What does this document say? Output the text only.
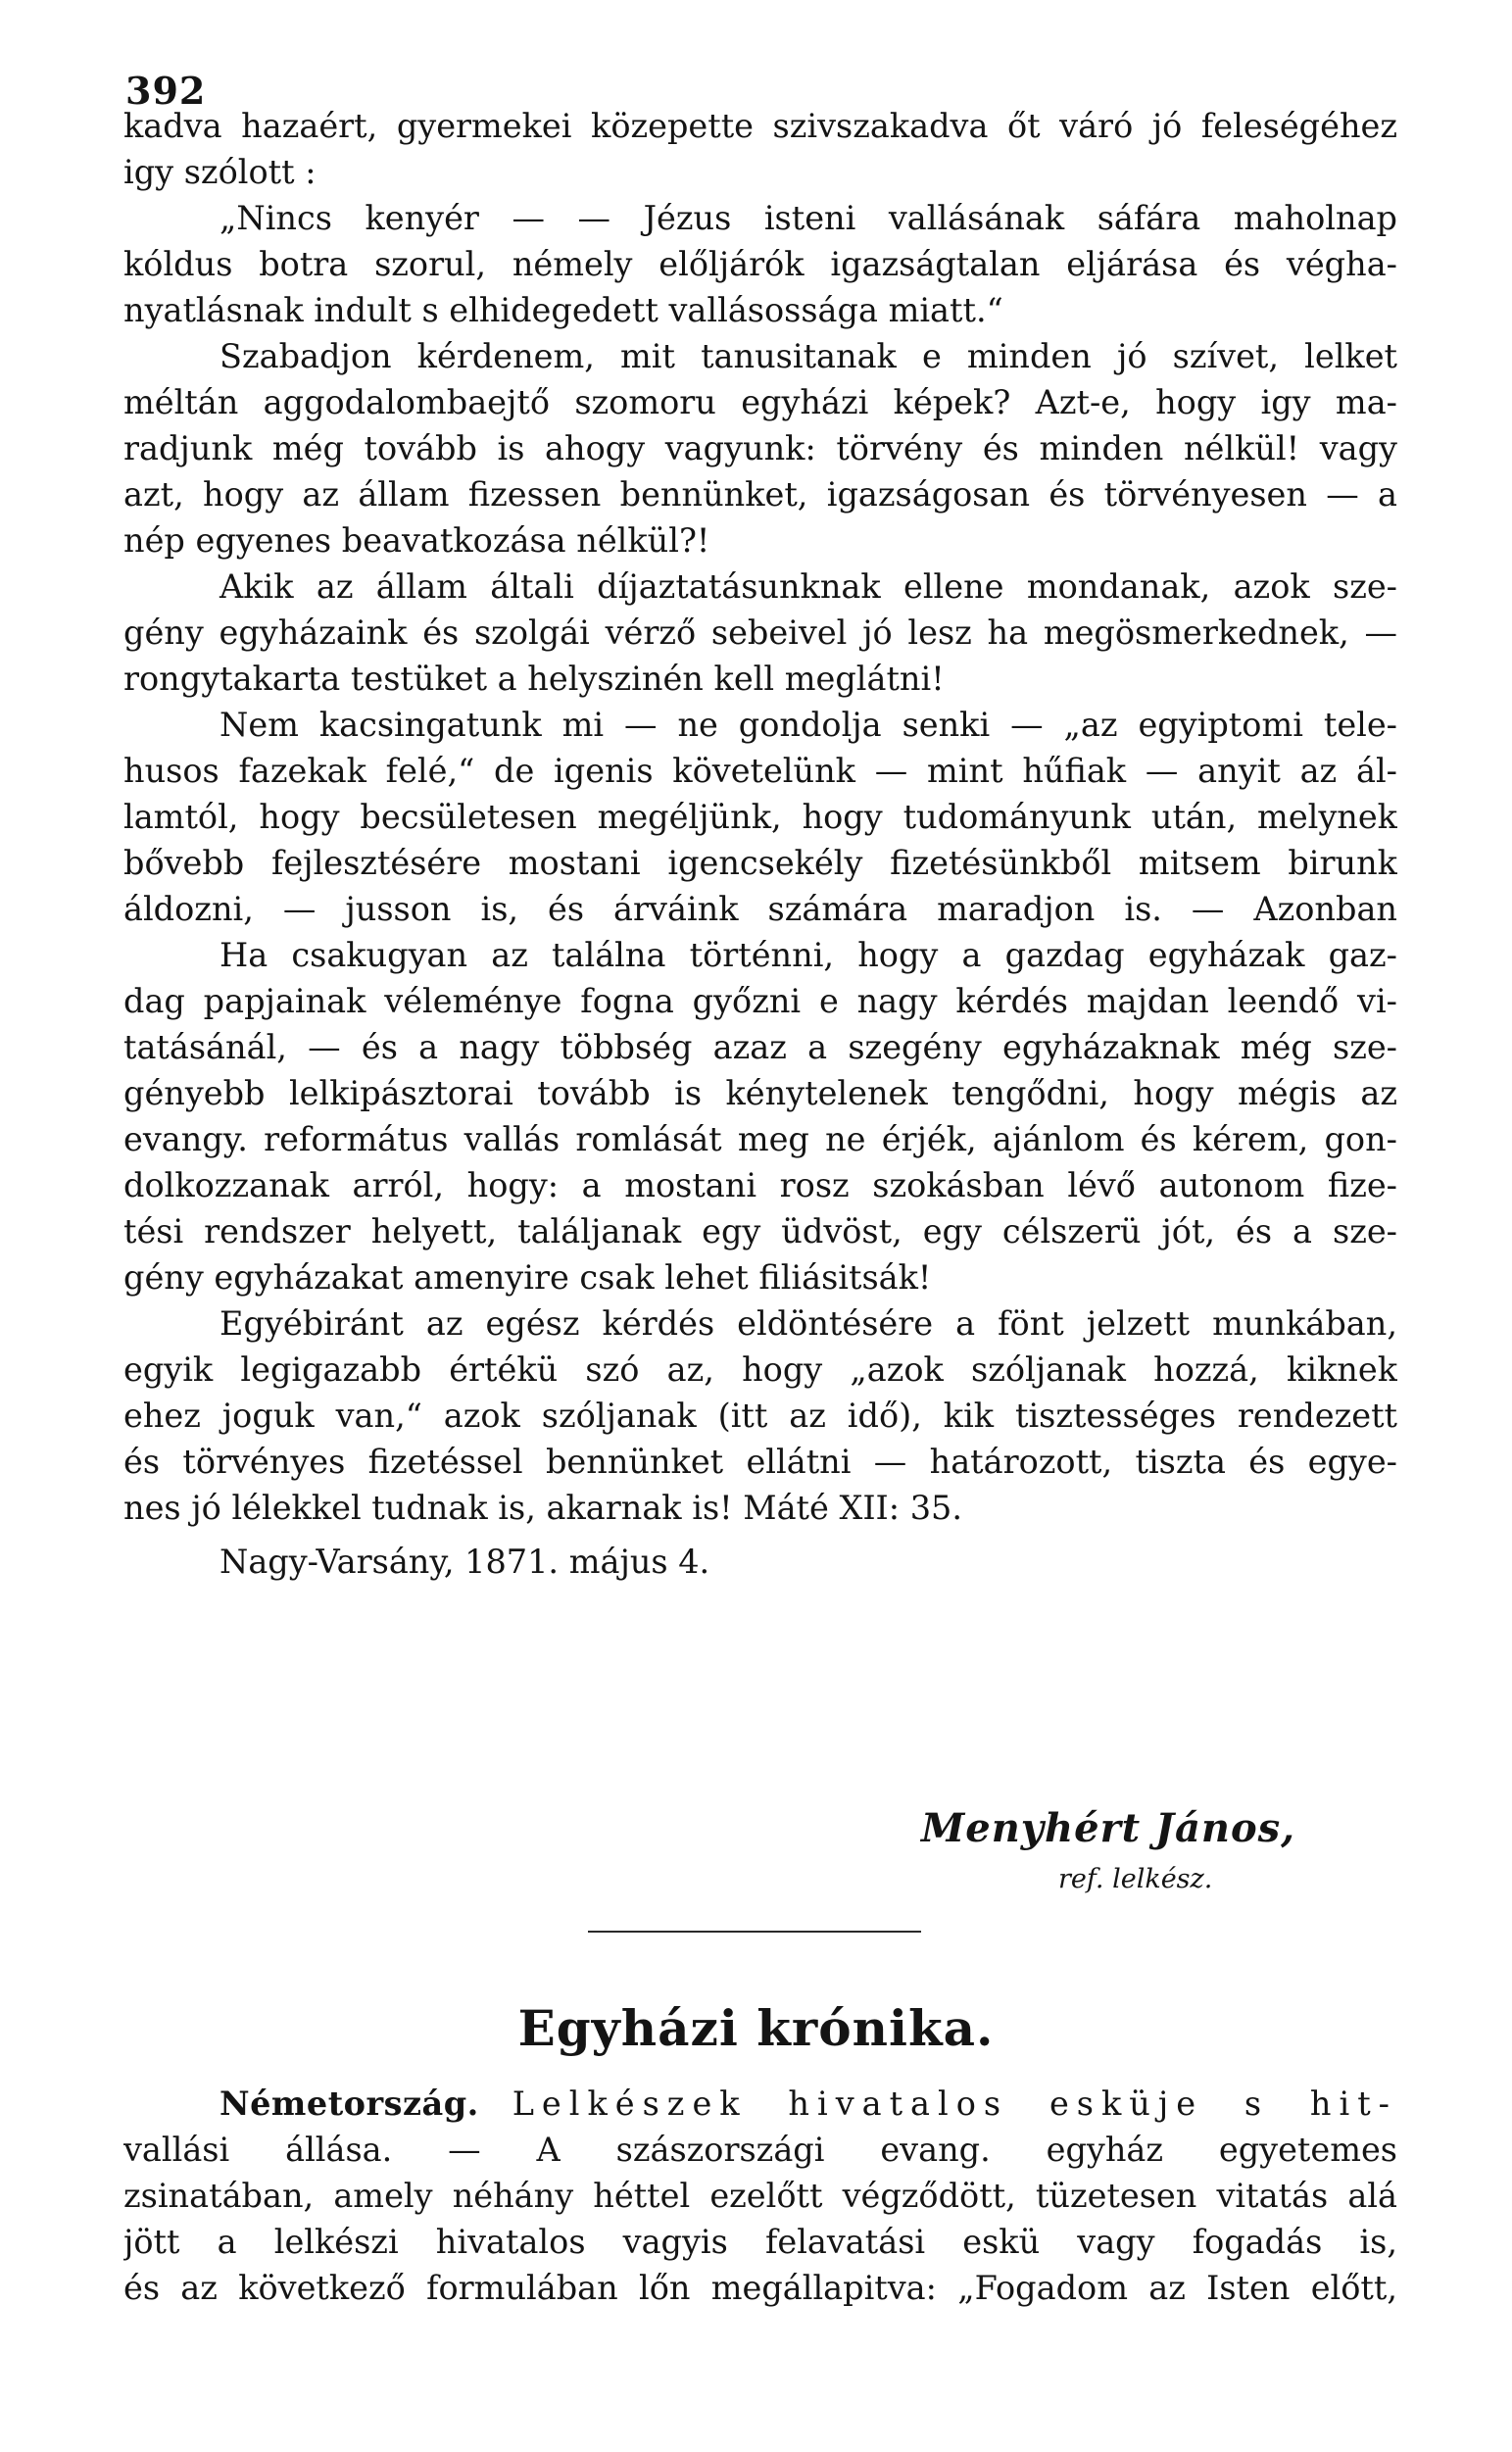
392
kadva hazaért, gyermekei közepette szivszakadva őt váró jó feleségéhez
igy szólott :
„Nincs kenyér — — Jézus isteni vallásának sáfára maholnap
kóldus botra szorul, némely előljárók igazságtalan eljárása és végha-
nyatlásnak indult s elhidegedett vallásossága miatt.“
Szabadjon kérdenem, mit tanusitanak e minden jó szívet, lelket
méltán aggodalombaejtő szomoru egyházi képek? Azt-e, hogy igy ma-
radjunk még tovább is ahogy vagyunk: törvény és minden nélkül! vagy
azt, hogy az állam fizessen bennünket, igazságosan és törvényesen — a
nép egyenes beavatkozása nélkül?!
Akik az állam általi díjaztatásunknak ellene mondanak, azok sze-
gény egyházaink és szolgái vérző sebeivel jó lesz ha megösmerkednek, —
rongytakarta testüket a helyszinén kell meglátni!
Nem kacsingatunk mi — ne gondolja senki — „az egyiptomi tele-
husos fazekak felé,“ de igenis követelünk — mint hűfiak — anyit az ál-
lamtól, hogy becsületesen megéljünk, hogy tudományunk után, melynek
bővebb fejlesztésére mostani igencsekély fizetésünkből mitsem birunk
áldozni, — jusson is, és árváink számára maradjon is. — Azonban
Ha csakugyan az találna történni, hogy a gazdag egyházak gaz-
dag papjainak véleménye fogna győzni e nagy kérdés majdan leendő vi-
tatásánál, — és a nagy többség azaz a szegény egyházaknak még sze-
gényebb lelkipásztorai tovább is kénytelenek tengődni, hogy mégis az
evangy. református vallás romlását meg ne érjék, ajánlom és kérem, gon-
dolkozzanak arról, hogy: a mostani rosz szokásban lévő autonom fize-
tési rendszer helyett, találjanak egy üdvöst, egy célszerü jót, és a sze-
gény egyházakat amenyire csak lehet filiásitsák!
Egyébiránt az egész kérdés eldöntésére a fönt jelzett munkában,
egyik legigazabb értékü szó az, hogy „azok szóljanak hozzá, kiknek
ehez joguk van,“ azok szóljanak (itt az idő), kik tisztességes rendezett
és törvényes fizetéssel bennünket ellátni — határozott, tiszta és egye-
nes jó lélekkel tudnak is, akarnak is! Máté XII: 35.
Nagy-Varsány, 1871. május 4.
Menyhért János,
ref. lelkész.
Egyházi krónika.
Németország. Lelkészek hivatalos esküje s hit-
vallási állása. — A szászországi evang. egyház egyetemes
zsinatában, amely néhány héttel ezelőtt végződött, tüzetesen vitatás alá
jött a lelkészi hivatalos vagyis felavatási eskü vagy fogadás is,
és az következő formulában lőn megállapitva: „Fogadom az Isten előtt,
